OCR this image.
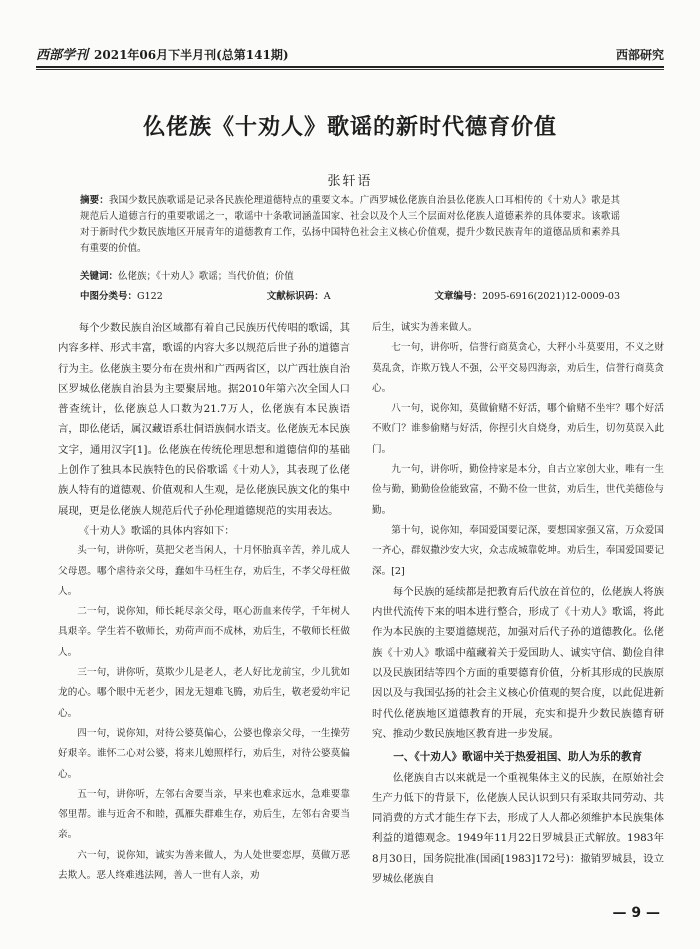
西部学刊 2021年06月下半月刊(总第141期)	西部研究
仫佬族《十劝人》歌谣的新时代德育价值
张轩语
摘要：我国少数民族歌谣是记录各民族伦理道德特点的重要文本。广西罗城仫佬族自治县仫佬族人口耳相传的《十劝人》歌是其规范后人道德言行的重要歌谣之一，歌谣中十条歌词涵盖国家、社会以及个人三个层面对仫佬族人道德素养的具体要求。该歌谣对于新时代少数民族地区开展青年的道德教育工作，弘扬中国特色社会主义核心价值观，提升少数民族青年的道德品质和素养具有重要的价值。
关键词：仫佬族；《十劝人》歌谣；当代价值；价值
中图分类号：G122	文献标识码：A	文章编号：2095-6916(2021)12-0009-03

每个少数民族自治区域都有着自己民族历代传唱的歌谣，其内容多样、形式丰富，歌谣的内容大多以规范后世子孙的道德言行为主。仫佬族主要分布在贵州和广西两省区，以广西壮族自治区罗城仫佬族自治县为主要聚居地。据2010年第六次全国人口普查统计，仫佬族总人口数为21.7万人，仫佬族有本民族语言，即仫佬话，属汉藏语系壮侗语族侗水语支。仫佬族无本民族文字，通用汉字[1]。仫佬族在传统伦理思想和道德信仰的基础上创作了独具本民族特色的民俗歌谣《十劝人》，其表现了仫佬族人特有的道德观、价值观和人生观，是仫佬族民族文化的集中展现，更是仫佬族人规范后代子孙伦理道德规范的实用表达。

《十劝人》歌谣的具体内容如下：

头一句，讲你听，莫把父老当闲人，十月怀胎真辛苦，养儿成人父母恩。哪个虐待亲父母，蠢如牛马枉生存，劝后生，不孝父母枉做人。

二一句，说你知，师长耗尽亲父母，呕心沥血来传学，千年树人具艰辛。学生若不敬师长，劝荷声而不成林，劝后生，不敬师长枉做人。

三一句，讲你听，莫欺少儿是老人，老人好比龙前宝，少儿犹如龙的心。哪个眼中无老少，困龙无翅难飞腾，劝后生，敬老爱幼牢记心。

四一句，说你知，对待公婆莫偏心，公婆也像亲父母，一生操劳好艰辛。谁怀二心对公婆，将来儿媳照样行，劝后生，对待公婆莫偏心。

五一句，讲你听，左邻右舍要当亲，早来也难求远水，急难要靠邻里帮。谁与近舍不和睦，孤雁失群难生存，劝后生，左邻右舍要当亲。

六一句，说你知，诚实为善来做人，为人处世要恋厚，莫做万恶去欺人。恶人终难逃法网，善人一世有人亲，劝

后生，诚实为善来做人。

七一句，讲你听，信誉行商莫贪心，大秤小斗莫要用，不义之财莫乱贪，诈欺万钱人不强，公平交易四海亲，劝后生，信誉行商莫贪心。

八一句，说你知，莫做偷赌不好活，哪个偷赌不坐牢？哪个好活不败门？谁参偷赌与好活，你捏引火自烧身，劝后生，切勿莫误入此门。

九一句，讲你听，勤俭持家是本分，自古立家创大业，唯有一生俭与勤，勤勤俭俭能致富，不勤不俭一世贫，劝后生，世代美德俭与勤。

第十句，说你知，奉国爱国要记深，要想国家强又富，万众爱国一齐心，群奴撒沙安大灾，众志成城靠乾坤。劝后生，奉国爱国要记深。[2]

每个民族的延续都是把教育后代放在首位的，仫佬族人将族内世代流传下来的唱本进行整合，形成了《十劝人》歌谣，将此作为本民族的主要道德规范，加强对后代子孙的道德教化。仫佬族《十劝人》歌谣中蕴藏着关于爱国助人、诚实守信、勤俭自律以及民族团结等四个方面的重要德育价值，分析其形成的民族原因以及与我国弘扬的社会主义核心价值观的契合度，以此促进新时代仫佬族地区道德教育的开展，充实和提升少数民族德育研究、推动少数民族地区教育进一步发展。

一、《十劝人》歌谣中关于热爱祖国、助人为乐的教育

仫佬族自古以来就是一个重视集体主义的民族，在原始社会生产力低下的背景下，仫佬族人民认识到只有采取共同劳动、共同消费的方式才能生存下去，形成了人人都必须维护本民族集体利益的道德观念。1949年11月22日罗城县正式解放。1983年8月30日，国务院批准(国函[1983]172号)：撤销罗城县，设立罗城仫佬族自

— 9 —
